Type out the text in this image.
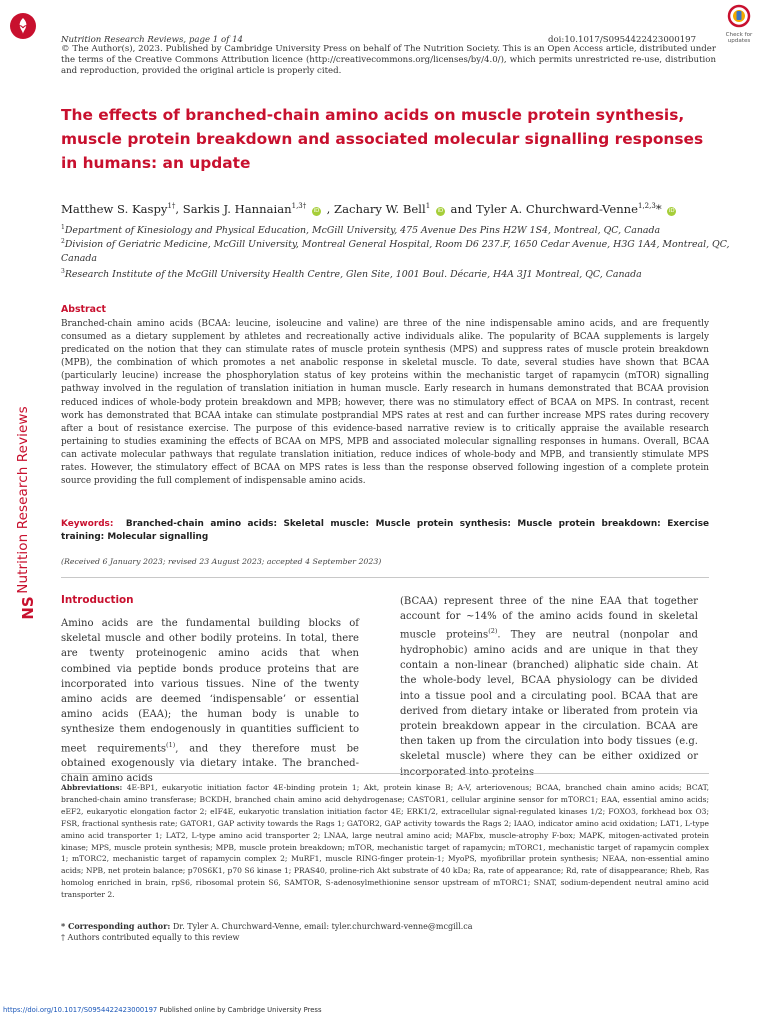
Nutrition Research Reviews
NS
Nutrition Research Reviews, page 1 of 14	doi:10.1017/S0954422423000197
© The Author(s), 2023. Published by Cambridge University Press on behalf of The Nutrition Society. This is an Open Access article, distributed under the terms of the Creative Commons Attribution licence (http://creativecommons.org/licenses/by/4.0/), which permits unrestricted re-use, distribution and reproduction, provided the original article is properly cited.
Check for
updates
The effects of branched-chain amino acids on muscle protein synthesis, muscle protein breakdown and associated molecular signalling responses in humans: an update
Matthew S. Kaspy$^{1\dagger}$, Sarkis J. Hannaian$^{1,3\dagger}$ iD , Zachary W. Bell$^1$ iD and Tyler A. Churchward-Venne$^{1,2,3}$* iD
$^1$Department of Kinesiology and Physical Education, McGill University, 475 Avenue Des Pins H2W 1S4, Montreal, QC, Canada
$^2$Division of Geriatric Medicine, McGill University, Montreal General Hospital, Room D6 237.F, 1650 Cedar Avenue, H3G 1A4, Montreal, QC, Canada
$^3$Research Institute of the McGill University Health Centre, Glen Site, 1001 Boul. Décarie, H4A 3J1 Montreal, QC, Canada
Abstract
Branched-chain amino acids (BCAA: leucine, isoleucine and valine) are three of the nine indispensable amino acids, and are frequently consumed as a dietary supplement by athletes and recreationally active individuals alike. The popularity of BCAA supplements is largely predicated on the notion that they can stimulate rates of muscle protein synthesis (MPS) and suppress rates of muscle protein breakdown (MPB), the combination of which promotes a net anabolic response in skeletal muscle. To date, several studies have shown that BCAA (particularly leucine) increase the phosphorylation status of key proteins within the mechanistic target of rapamycin (mTOR) signalling pathway involved in the regulation of translation initiation in human muscle. Early research in humans demonstrated that BCAA provision reduced indices of whole-body protein breakdown and MPB; however, there was no stimulatory effect of BCAA on MPS. In contrast, recent work has demonstrated that BCAA intake can stimulate postprandial MPS rates at rest and can further increase MPS rates during recovery after a bout of resistance exercise. The purpose of this evidence-based narrative review is to critically appraise the available research pertaining to studies examining the effects of BCAA on MPS, MPB and associated molecular signalling responses in humans. Overall, BCAA can activate molecular pathways that regulate translation initiation, reduce indices of whole-body and MPB, and transiently stimulate MPS rates. However, the stimulatory effect of BCAA on MPS rates is less than the response observed following ingestion of a complete protein source providing the full complement of indispensable amino acids.
Keywords: Branched-chain amino acids: Skeletal muscle: Muscle protein synthesis: Muscle protein breakdown: Exercise training: Molecular signalling
(Received 6 January 2023; revised 23 August 2023; accepted 4 September 2023)
Introduction
Amino acids are the fundamental building blocks of skeletal muscle and other bodily proteins. In total, there are twenty proteinogenic amino acids that when combined via peptide bonds produce proteins that are incorporated into various tissues. Nine of the twenty amino acids are deemed ‘indispensable’ or essential amino acids (EAA); the human body is unable to synthesize them endogenously in quantities sufficient to meet requirements$^{(1)}$, and they therefore must be obtained exogenously via dietary intake. The branched-chain amino acids
(BCAA) represent three of the nine EAA that together account for ~14% of the amino acids found in skeletal muscle proteins$^{(2)}$. They are neutral (nonpolar and hydrophobic) amino acids and are unique in that they contain a non-linear (branched) aliphatic side chain. At the whole-body level, BCAA physiology can be divided into a tissue pool and a circulating pool. BCAA that are derived from dietary intake or liberated from protein via protein breakdown appear in the circulation. BCAA are then taken up from the circulation into body tissues (e.g. skeletal muscle) where they can be either oxidized or incorporated into proteins
Abbreviations: 4E-BP1, eukaryotic initiation factor 4E-binding protein 1; Akt, protein kinase B; A-V, arteriovenous; BCAA, branched chain amino acids; BCAT, branched-chain amino transferase; BCKDH, branched chain amino acid dehydrogenase; CASTOR1, cellular arginine sensor for mTORC1; EAA, essential amino acids; eEF2, eukaryotic elongation factor 2; eIF4E, eukaryotic translation initiation factor 4E; ERK1/2, extracellular signal-regulated kinases 1/2; FOXO3, forkhead box O3; FSR, fractional synthesis rate; GATOR1, GAP activity towards the Rags 1; GATOR2, GAP activity towards the Rags 2; IAAO, indicator amino acid oxidation; LAT1, L-type amino acid transporter 1; LAT2, L-type amino acid transporter 2; LNAA, large neutral amino acid; MAFbx, muscle-atrophy F-box; MAPK, mitogen-activated protein kinase; MPS, muscle protein synthesis; MPB, muscle protein breakdown; mTOR, mechanistic target of rapamycin; mTORC1, mechanistic target of rapamycin complex 1; mTORC2, mechanistic target of rapamycin complex 2; MuRF1, muscle RING-finger protein-1; MyoPS, myofibrillar protein synthesis; NEAA, non-essential amino acids; NPB, net protein balance; p70S6K1, p70 S6 kinase 1; PRAS40, proline-rich Akt substrate of 40 kDa; Ra, rate of appearance; Rd, rate of disappearance; Rheb, Ras homolog enriched in brain, rpS6, ribosomal protein S6, SAMTOR, S-adenosylmethionine sensor upstream of mTORC1; SNAT, sodium-dependent neutral amino acid transporter 2.
* Corresponding author: Dr. Tyler A. Churchward-Venne, email: tyler.churchward-venne@mcgill.ca
† Authors contributed equally to this review
https://doi.org/10.1017/S0954422423000197 Published online by Cambridge University Press
